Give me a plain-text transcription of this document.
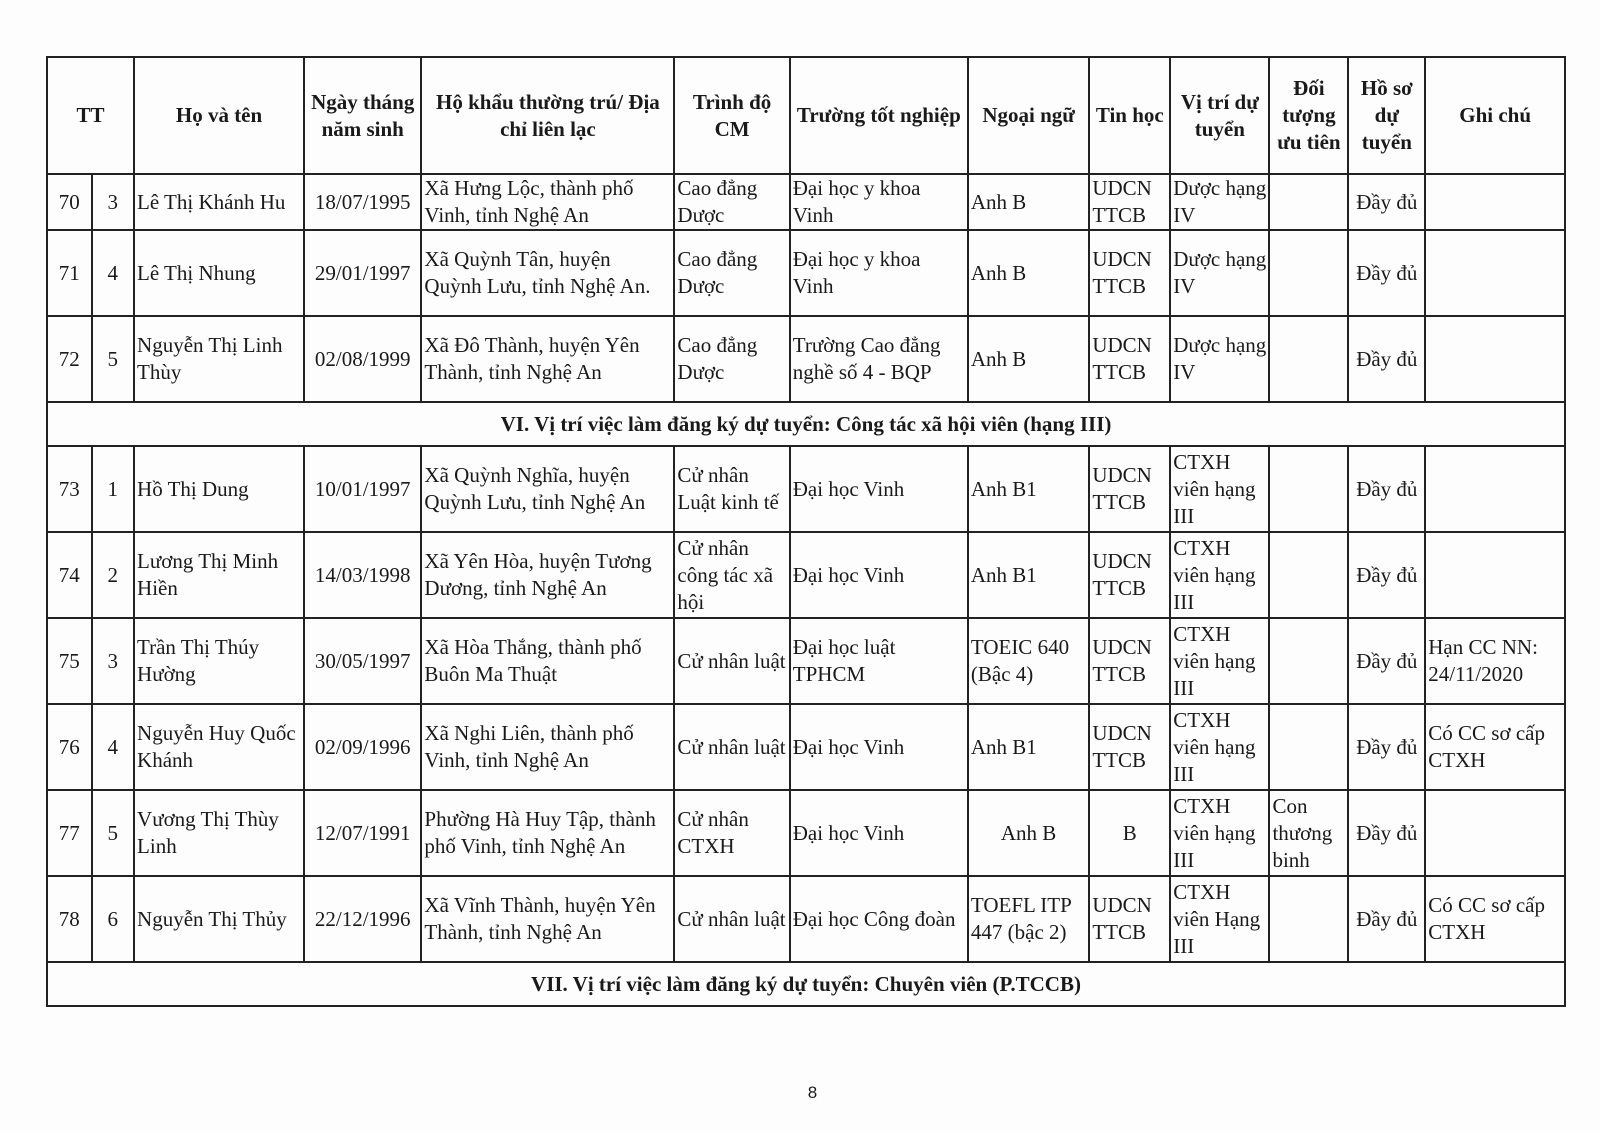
TT		Họ và tên	Ngày tháng năm sinh	Hộ khẩu thường trú/ Địa chỉ liên lạc	Trình độ CM	Trường tốt nghiệp	Ngoại ngữ	Tin học	Vị trí dự tuyển	Đối tượng ưu tiên	Hồ sơ dự tuyển	Ghi chú
70	3	Lê Thị Khánh Hu	18/07/1995	Xã Hưng Lộc, thành phố Vinh, tỉnh Nghệ An	Cao đẳng Dược	Đại học y khoa Vinh	Anh B	UDCN TTCB	Dược hạng IV		Đầy đủ	
71	4	Lê Thị Nhung	29/01/1997	Xã Quỳnh Tân, huyện Quỳnh Lưu, tỉnh Nghệ An.	Cao đẳng Dược	Đại học y khoa Vinh	Anh B	UDCN TTCB	Dược hạng IV		Đầy đủ	
72	5	Nguyễn Thị Linh Thùy	02/08/1999	Xã Đô Thành, huyện Yên Thành, tỉnh Nghệ An	Cao đẳng Dược	Trường Cao đẳng nghề số 4 - BQP	Anh B	UDCN TTCB	Dược hạng IV		Đầy đủ	
VI. Vị trí việc làm đăng ký dự tuyển: Công tác xã hội viên (hạng III)												
73	1	Hồ Thị Dung	10/01/1997	Xã Quỳnh Nghĩa, huyện Quỳnh Lưu, tỉnh Nghệ An	Cử nhân Luật kinh tế	Đại học Vinh	Anh B1	UDCN TTCB	CTXH viên hạng III		Đầy đủ	
74	2	Lương Thị Minh Hiền	14/03/1998	Xã Yên Hòa, huyện Tương Dương, tỉnh Nghệ An	Cử nhân công tác xã hội	Đại học Vinh	Anh B1	UDCN TTCB	CTXH viên hạng III		Đầy đủ	
75	3	Trần Thị Thúy Hường	30/05/1997	Xã Hòa Thắng, thành phố Buôn Ma Thuật	Cử nhân luật	Đại học luật TPHCM	TOEIC 640 (Bậc 4)	UDCN TTCB	CTXH viên hạng III		Đầy đủ	Hạn CC NN: 24/11/2020
76	4	Nguyễn Huy Quốc Khánh	02/09/1996	Xã Nghi Liên, thành phố Vinh, tỉnh Nghệ An	Cử nhân luật	Đại học Vinh	Anh B1	UDCN TTCB	CTXH viên hạng III		Đầy đủ	Có CC sơ cấp CTXH
77	5	Vương Thị Thùy Linh	12/07/1991	Phường Hà Huy Tập, thành phố Vinh, tỉnh Nghệ An	Cử nhân CTXH	Đại học Vinh	Anh B	B	CTXH viên hạng III	Con thương binh	Đầy đủ	
78	6	Nguyễn Thị Thủy	22/12/1996	Xã Vĩnh Thành, huyện Yên Thành, tỉnh Nghệ An	Cử nhân luật	Đại học Công đoàn	TOEFL ITP 447 (bậc 2)	UDCN TTCB	CTXH viên Hạng III		Đầy đủ	Có CC sơ cấp CTXH
VII. Vị trí việc làm đăng ký dự tuyển: Chuyên viên (P.TCCB)												
8
